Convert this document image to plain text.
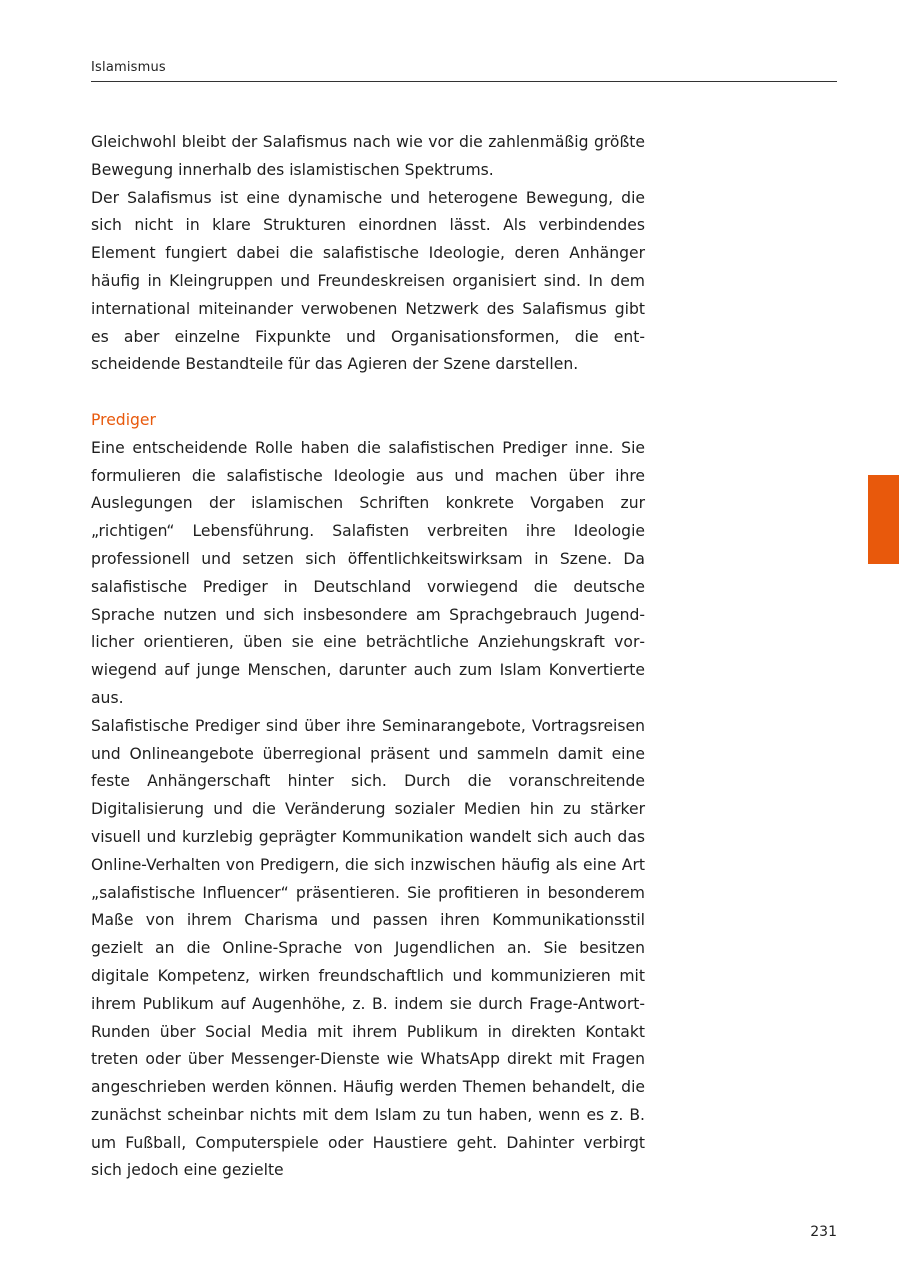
Islamismus

Gleichwohl bleibt der Salafismus nach wie vor die zahlenmäßig größte Bewegung innerhalb des islamistischen Spektrums.

Der Salafismus ist eine dynamische und heterogene Bewegung, die sich nicht in klare Strukturen einordnen lässt. Als verbindendes Element fungiert dabei die salafistische Ideologie, deren Anhänger häufig in Kleingruppen und Freundeskreisen organisiert sind. In dem international miteinander verwobenen Netzwerk des Salafismus gibt es aber einzelne Fixpunkte und Organisationsformen, die entscheidende Bestandteile für das Agieren der Szene darstellen.

Prediger

Eine entscheidende Rolle haben die salafistischen Prediger inne. Sie formulieren die salafistische Ideologie aus und machen über ihre Auslegungen der islamischen Schriften konkrete Vorgaben zur „richtigen“ Lebensführung. Salafisten verbreiten ihre Ideologie professionell und setzen sich öffentlichkeitswirksam in Szene. Da salafistische Prediger in Deutschland vorwiegend die deutsche Sprache nutzen und sich insbesondere am Sprachgebrauch Jugendlicher orientieren, üben sie eine beträchtliche Anziehungskraft vorwiegend auf junge Menschen, darunter auch zum Islam Konvertierte aus.

Salafistische Prediger sind über ihre Seminarangebote, Vortragsreisen und Onlineangebote überregional präsent und sammeln damit eine feste Anhängerschaft hinter sich. Durch die voranschreitende Digitalisierung und die Veränderung sozialer Medien hin zu stärker visuell und kurzlebig geprägter Kommunikation wandelt sich auch das Online-Verhalten von Predigern, die sich inzwischen häufig als eine Art „salafistische Influencer“ präsentieren. Sie profitieren in besonderem Maße von ihrem Charisma und passen ihren Kommunikationsstil gezielt an die Online-Sprache von Jugendlichen an. Sie besitzen digitale Kompetenz, wirken freundschaftlich und kommunizieren mit ihrem Publikum auf Augenhöhe, z. B. indem sie durch Frage-Antwort-Runden über Social Media mit ihrem Publikum in direkten Kontakt treten oder über Messenger-Dienste wie WhatsApp direkt mit Fragen angeschrieben werden können. Häufig werden Themen behandelt, die zunächst scheinbar nichts mit dem Islam zu tun haben, wenn es z. B. um Fußball, Computerspiele oder Haustiere geht. Dahinter verbirgt sich jedoch eine gezielte

231
